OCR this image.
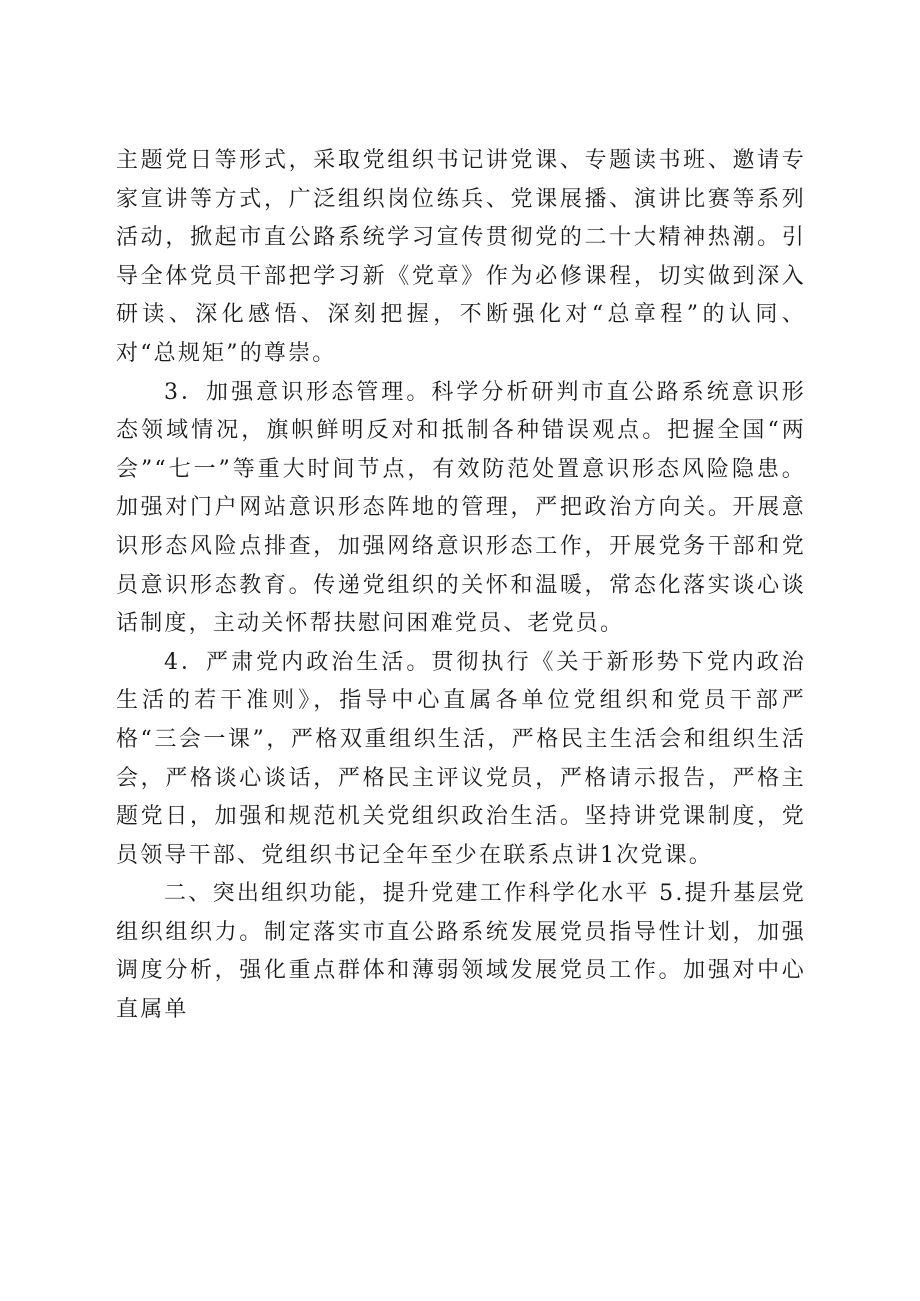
主题党日等形式，采取党组织书记讲党课、专题读书班、邀请专家宣讲等方式，广泛组织岗位练兵、党课展播、演讲比赛等系列活动，掀起市直公路系统学习宣传贯彻党的二十大精神热潮。引导全体党员干部把学习新《党章》作为必修课程，切实做到深入研读、深化感悟、深刻把握，不断强化对“总章程”的认同、对“总规矩”的尊崇。

3．加强意识形态管理。科学分析研判市直公路系统意识形态领域情况，旗帜鲜明反对和抵制各种错误观点。把握全国“两会”“七一”等重大时间节点，有效防范处置意识形态风险隐患。加强对门户网站意识形态阵地的管理，严把政治方向关。开展意识形态风险点排查，加强网络意识形态工作，开展党务干部和党员意识形态教育。传递党组织的关怀和温暖，常态化落实谈心谈话制度，主动关怀帮扶慰问困难党员、老党员。

4．严肃党内政治生活。贯彻执行《关于新形势下党内政治生活的若干准则》，指导中心直属各单位党组织和党员干部严格“三会一课”，严格双重组织生活，严格民主生活会和组织生活会，严格谈心谈话，严格民主评议党员，严格请示报告，严格主题党日，加强和规范机关党组织政治生活。坚持讲党课制度，党员领导干部、党组织书记全年至少在联系点讲1次党课。

二、突出组织功能，提升党建工作科学化水平 5.提升基层党组织组织力。制定落实市直公路系统发展党员指导性计划，加强调度分析，强化重点群体和薄弱领域发展党员工作。加强对中心直属单
